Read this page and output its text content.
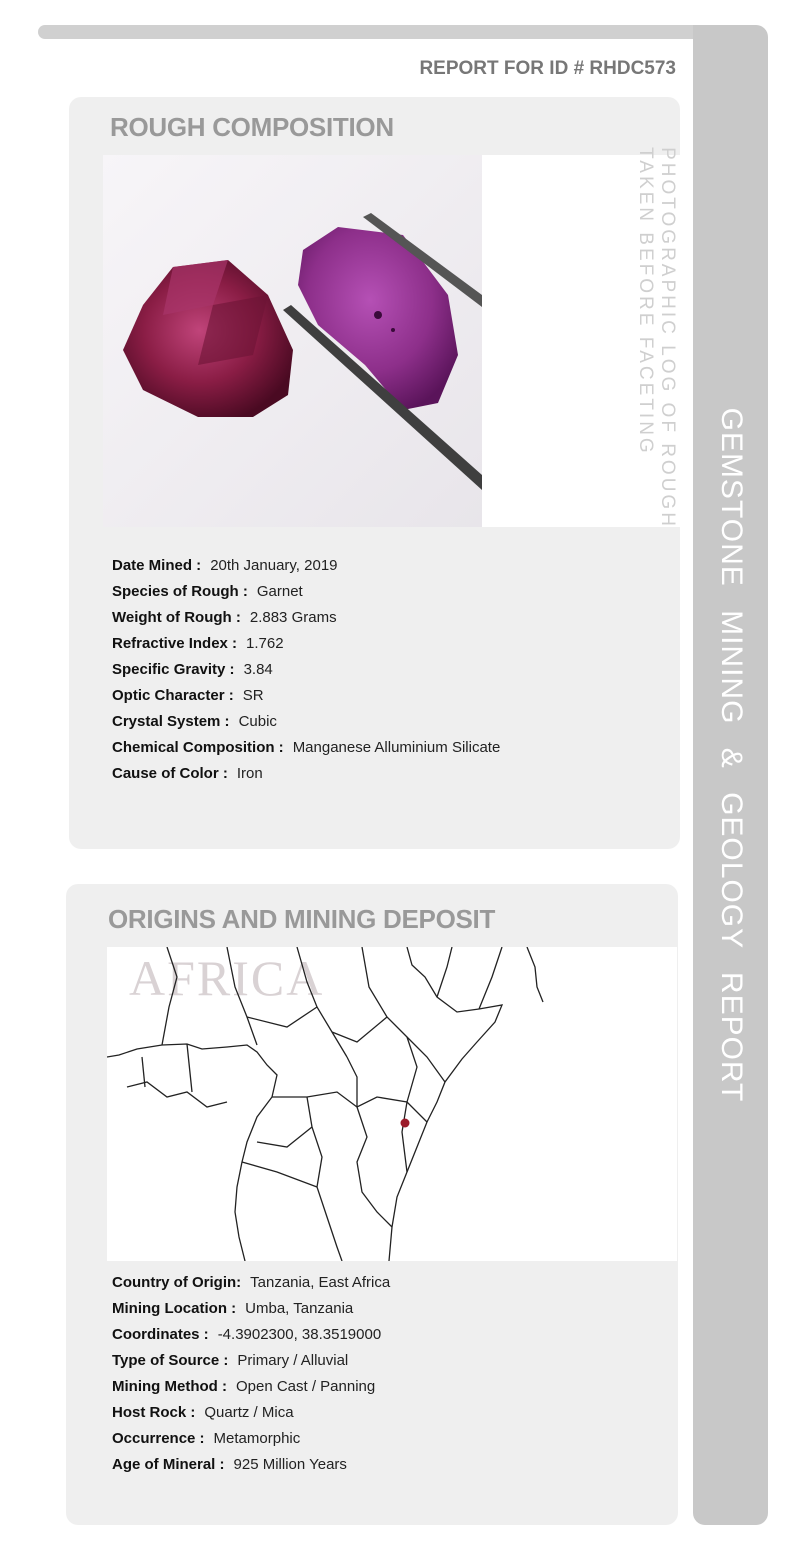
GEMSTONE MINING & GEOLOGY REPORT
REPORT FOR ID # RHDC573
ROUGH COMPOSITION
PHOTOGRAPHIC LOG OF ROUGH
TAKEN BEFORE FACETING
Date Mined : 20th January, 2019
Species of Rough : Garnet
Weight of Rough : 2.883 Grams
Refractive Index : 1.762
Specific Gravity : 3.84
Optic Character : SR
Crystal System : Cubic
Chemical Composition : Manganese Alluminium Silicate
Cause of Color : Iron
ORIGINS AND MINING DEPOSIT
AFRICA
Country of Origin: Tanzania, East Africa
Mining Location : Umba, Tanzania
Coordinates : -4.3902300, 38.3519000
Type of Source : Primary / Alluvial
Mining Method : Open Cast / Panning
Host Rock : Quartz / Mica
Occurrence : Metamorphic
Age of Mineral : 925 Million Years
